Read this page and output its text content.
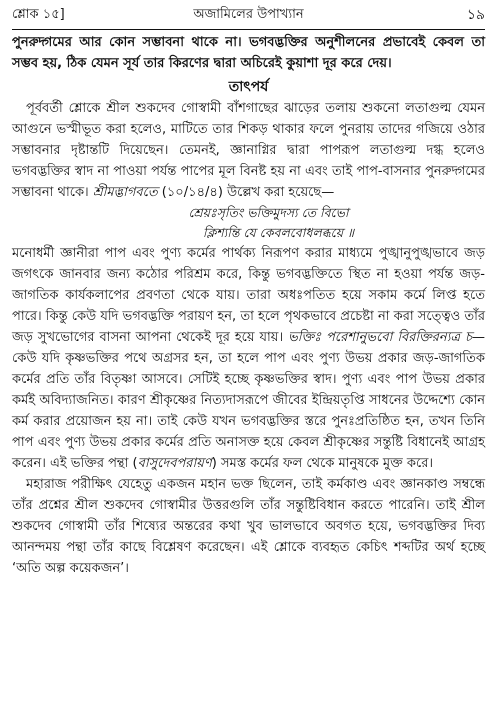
শ্লোক ১৫]	অজামিলের উপাখ্যান	১৯

পুনরুদ্গমের আর কোন সম্ভাবনা থাকে না। ভগবদ্ভক্তির অনুশীলনের প্রভাবেই কেবল তা সম্ভব হয়, ঠিক যেমন সূর্য তার কিরণের দ্বারা অচিরেই কুয়াশা দূর করে দেয়।

তাৎপর্য

পূর্ববর্তী শ্লোকে শ্রীল শুকদেব গোস্বামী বাঁশগাছের ঝাড়ের তলায় শুকনো লতাগুল্ম যেমন আগুনে ভস্মীভূত করা হলেও, মাটিতে তার শিকড় থাকার ফলে পুনরায় তাদের গজিয়ে ওঠার সম্ভাবনার দৃষ্টান্তটি দিয়েছেন। তেমনই, জ্ঞানাগ্নির দ্বারা পাপরূপ লতাগুল্ম দগ্ধ হলেও ভগবদ্ভক্তির স্বাদ না পাওয়া পর্যন্ত পাপের মূল বিনষ্ট হয় না এবং তাই পাপ-বাসনার পুনরুদ্গমের সম্ভাবনা থাকে। শ্রীমদ্ভাগবতে (১০/১৪/৪) উল্লেখ করা হয়েছে—

শ্রেয়ঃসৃতিং ভক্তিমুদস্য তে বিভো
ক্লিশ্যন্তি যে কেবলবোধলব্ধয়ে ॥

মনোধর্মী জ্ঞানীরা পাপ এবং পুণ্য কর্মের পার্থক্য নিরূপণ করার মাধ্যমে পুঙ্খানুপুঙ্খভাবে জড় জগৎকে জানবার জন্য কঠোর পরিশ্রম করে, কিন্তু ভগবদ্ভক্তিতে স্থিত না হওয়া পর্যন্ত জড়-জাগতিক কার্যকলাপের প্রবণতা থেকে যায়। তারা অধঃপতিত হয়ে সকাম কর্মে লিপ্ত হতে পারে। কিন্তু কেউ যদি ভগবদ্ভক্তি পরায়ণ হন, তা হলে পৃথকভাবে প্রচেষ্টা না করা সত্ত্বেও তাঁর জড় সুখভোগের বাসনা আপনা থেকেই দূর হয়ে যায়। ভক্তিঃ পরেশানুভবো বিরক্তিরন্যত্র চ—কেউ যদি কৃষ্ণভক্তির পথে অগ্রসর হন, তা হলে পাপ এবং পুণ্য উভয় প্রকার জড়-জাগতিক কর্মের প্রতি তাঁর বিতৃষ্ণা আসবে। সেটিই হচ্ছে কৃষ্ণভক্তির স্বাদ। পুণ্য এবং পাপ উভয় প্রকার কর্মই অবিদ্যাজনিত। কারণ শ্রীকৃষ্ণের নিত্যদাসরূপে জীবের ইন্দ্রিয়তৃপ্তি সাধনের উদ্দেশ্যে কোন কর্ম করার প্রয়োজন হয় না। তাই কেউ যখন ভগবদ্ভক্তির স্তরে পুনঃপ্রতিষ্ঠিত হন, তখন তিনি পাপ এবং পুণ্য উভয় প্রকার কর্মের প্রতি অনাসক্ত হয়ে কেবল শ্রীকৃষ্ণের সন্তুষ্টি বিধানেই আগ্রহ করেন। এই ভক্তির পন্থা (বাসুদেবপরায়ণ) সমস্ত কর্মের ফল থেকে মানুষকে মুক্ত করে।

মহারাজ পরীক্ষিৎ যেহেতু একজন মহান ভক্ত ছিলেন, তাই কর্মকাণ্ড এবং জ্ঞানকাণ্ড সম্বন্ধে তাঁর প্রশ্নের শ্রীল শুকদেব গোস্বামীর উত্তরগুলি তাঁর সন্তুষ্টিবিধান করতে পারেনি। তাই শ্রীল শুকদেব গোস্বামী তাঁর শিষ্যের অন্তরের কথা খুব ভালভাবে অবগত হয়ে, ভগবদ্ভক্তির দিব্য আনন্দময় পন্থা তাঁর কাছে বিশ্লেষণ করেছেন। এই শ্লোকে ব্যবহৃত কেচিৎ শব্দটির অর্থ হচ্ছে ‘অতি অল্প কয়েকজন’।
